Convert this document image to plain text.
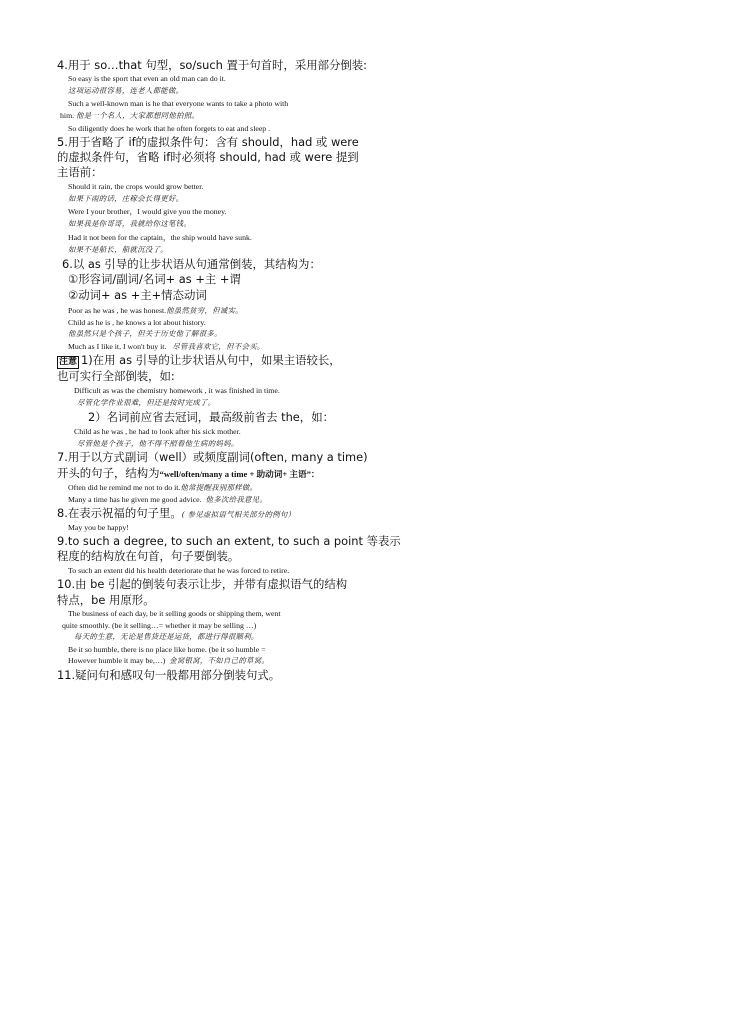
4.用于 so…that 句型，so/such 置于句首时，采用部分倒装:
So easy is the sport that even an old man can do it.
这项运动很容易，连老人都能做。
Such a well-known man is he that everyone wants to take a photo with
him. 他是一个名人，大家都想同他拍照。
So diligently does he work that he often forgets to eat and sleep .
5.用于省略了 if的虚拟条件句：含有 should，had 或 were
的虚拟条件句，省略 if时必须将 should, had 或 were 提到
主语前：
Should it rain, the crops would grow better.
如果下雨的话，庄稼会长得更好。
Were I your brother，I would give you the money.
如果我是你哥哥，我就给你这笔钱。
Had it not been for the captain，the ship would have sunk.
如果不是船长，船就沉没了。
6.以 as 引导的让步状语从句通常倒装，其结构为：
①形容词/副词/名词+ as +主 +谓
②动词+ as +主+情态动词
Poor as he was , he was honest.他虽然贫穷，但诚实。
Child as he is , he knows a lot about history.
他虽然只是个孩子，但关于历史他了解很多。
Much as I like it, I won't buy it. 尽管我喜欢它，但不会买。
注意 1)在用 as 引导的让步状语从句中，如果主语较长，
也可实行全部倒装，如:
Difficult as was the chemistry homework , it was finished in time.
尽管化学作业很难，但还是按时完成了。
2）名词前应省去冠词，最高级前省去 the，如：
Child as he was , he had to look after his sick mother.
尽管他是个孩子，他不得不照看他生病的妈妈。
7.用于以方式副词（well）或频度副词(often, many a time)
开头的句子，结构为“well/often/many a time + 助动词+ 主语”：
Often did he remind me not to do it.他常提醒我别那样做。
Many a time has he given me good advice. 他多次给我意见。
8.在表示祝福的句子里。( 参见虚拟语气相关部分的例句）
May you be happy!
9.to such a degree, to such an extent, to such a point 等表示
程度的结构放在句首，句子要倒装。
To such an extent did his health deteriorate that he was forced to retire.
10.由 be 引起的倒装句表示让步，并带有虚拟语气的结构
特点，be 用原形。
The business of each day, be it selling goods or shipping them, went
quite smoothly. (be it selling…= whether it may be selling …)
每天的生意，无论是售货还是运货，都进行得很顺利。
Be it so humble, there is no place like home. (be it so humble =
However humble it may be,…) 金窝银窝，不如自己的草窝。
11.疑问句和感叹句一般都用部分倒装句式。
